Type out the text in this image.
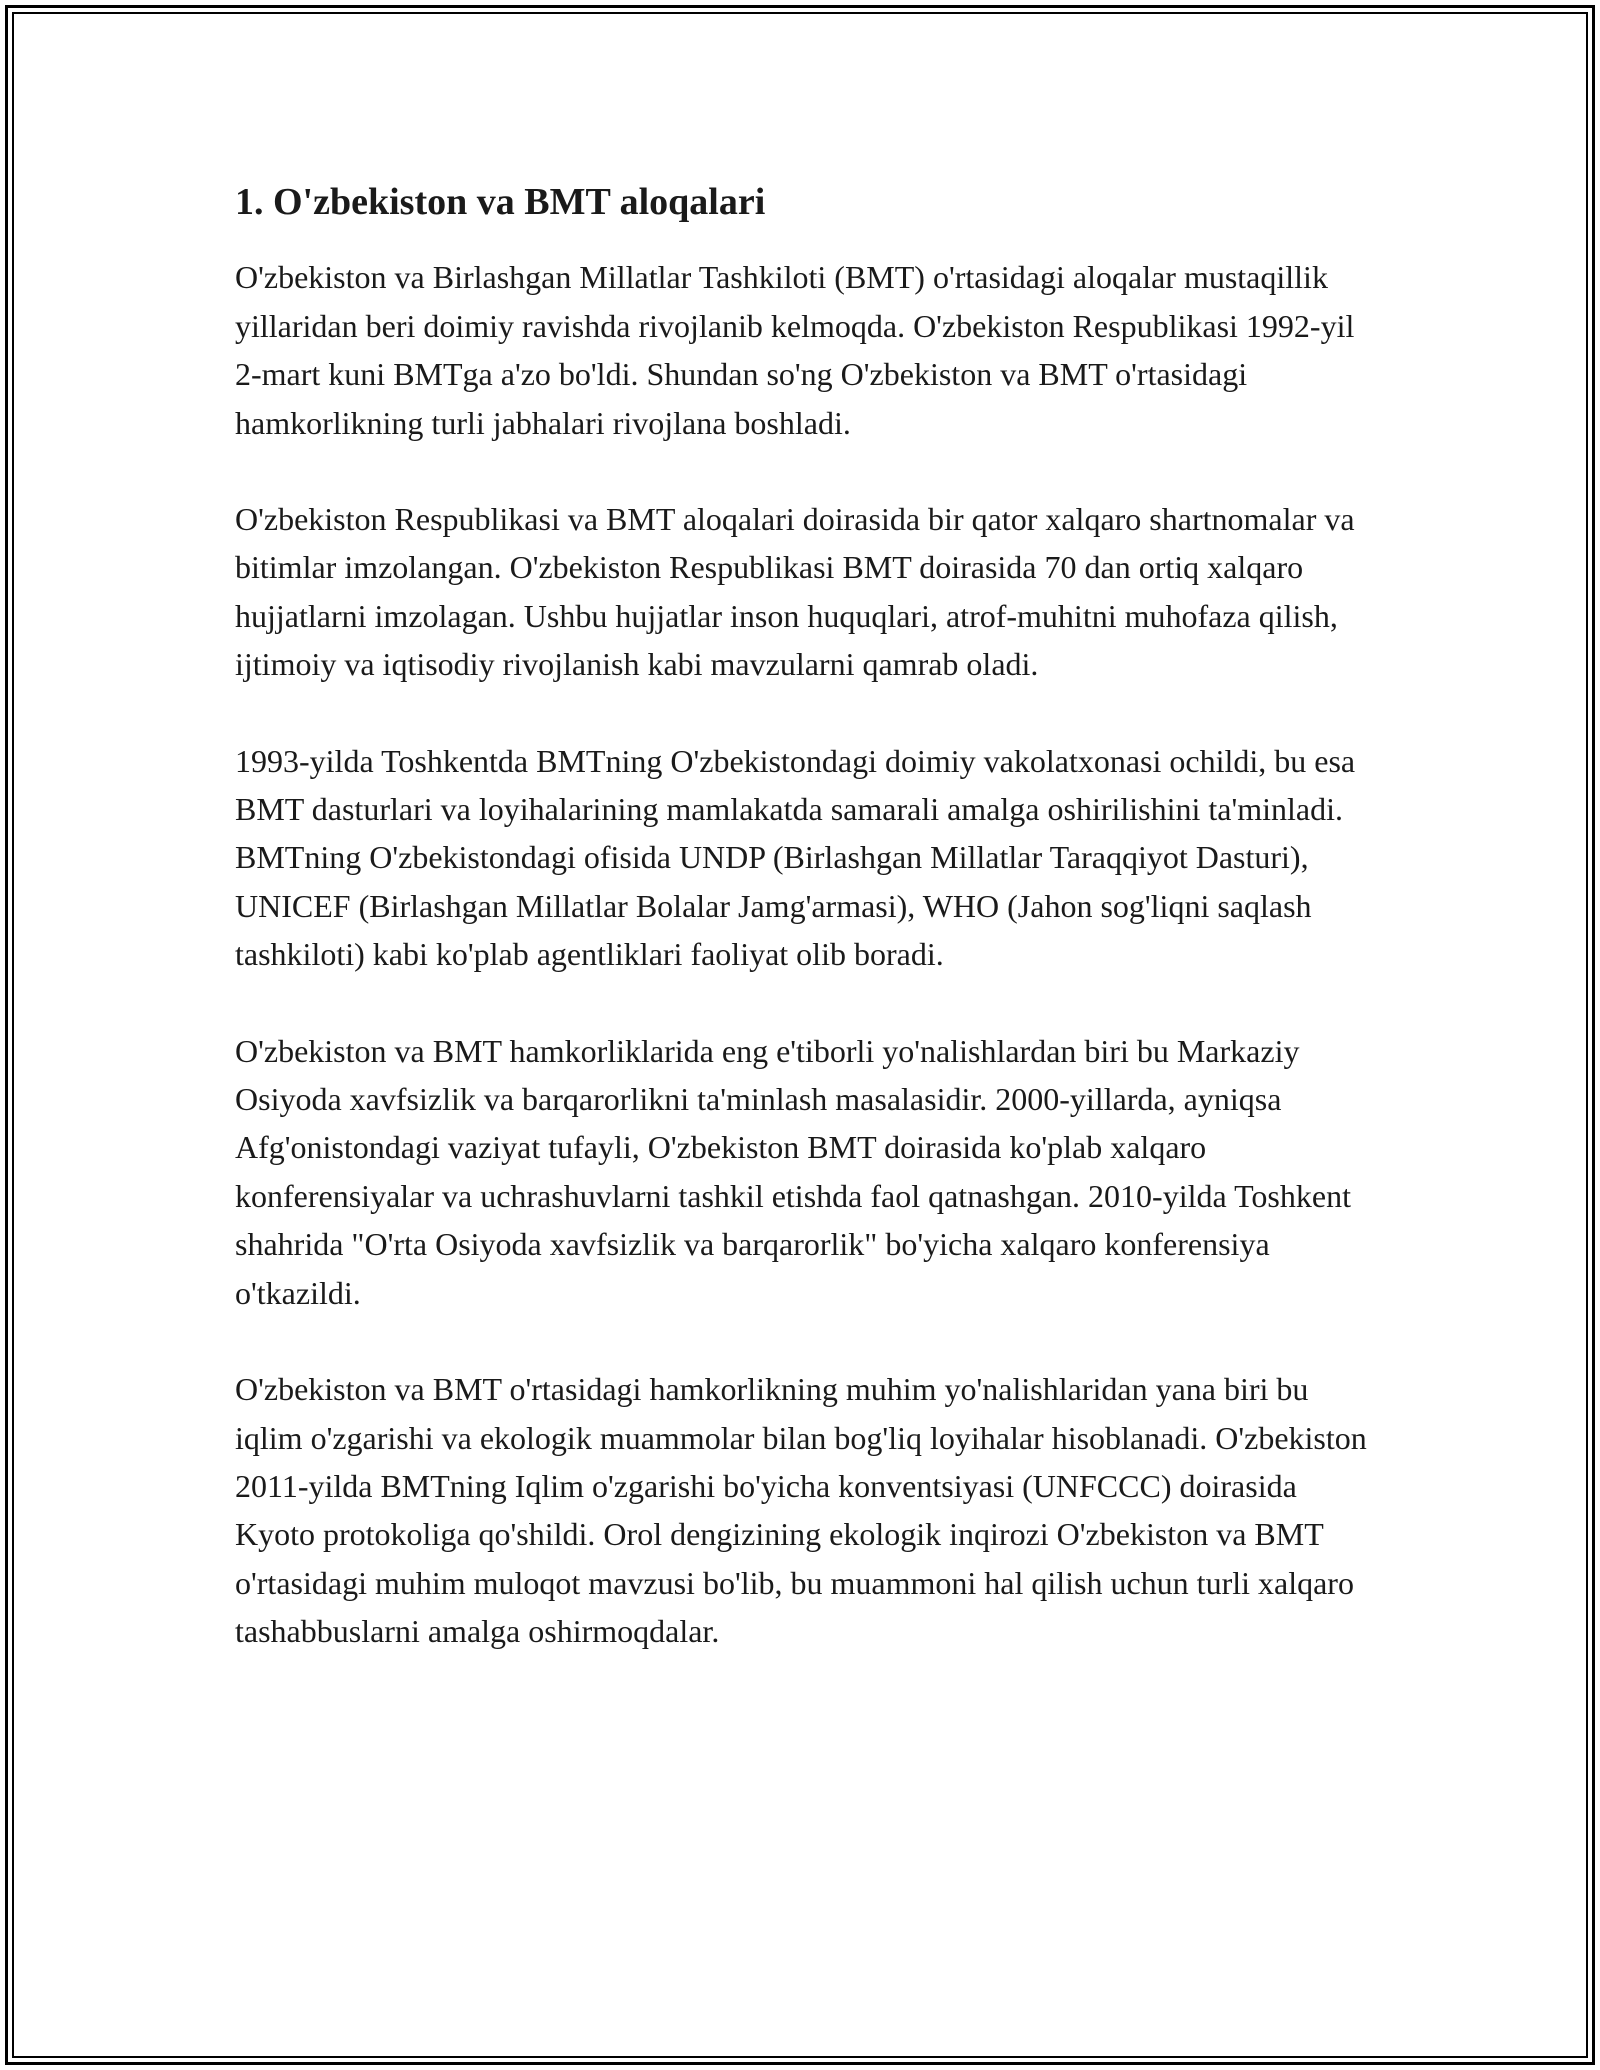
1. O'zbekiston va BMT aloqalari

O'zbekiston va Birlashgan Millatlar Tashkiloti (BMT) o'rtasidagi aloqalar mustaqillik yillaridan beri doimiy ravishda rivojlanib kelmoqda. O'zbekiston Respublikasi 1992-yil 2-mart kuni BMTga a'zo bo'ldi. Shundan so'ng O'zbekiston va BMT o'rtasidagi hamkorlikning turli jabhalari rivojlana boshladi.

O'zbekiston Respublikasi va BMT aloqalari doirasida bir qator xalqaro shartnomalar va bitimlar imzolangan. O'zbekiston Respublikasi BMT doirasida 70 dan ortiq xalqaro hujjatlarni imzolagan. Ushbu hujjatlar inson huquqlari, atrof-muhitni muhofaza qilish, ijtimoiy va iqtisodiy rivojlanish kabi mavzularni qamrab oladi.

1993-yilda Toshkentda BMTning O'zbekistondagi doimiy vakolatxonasi ochildi, bu esa BMT dasturlari va loyihalarining mamlakatda samarali amalga oshirilishini ta'minladi. BMTning O'zbekistondagi ofisida UNDP (Birlashgan Millatlar Taraqqiyot Dasturi), UNICEF (Birlashgan Millatlar Bolalar Jamg'armasi), WHO (Jahon sog'liqni saqlash tashkiloti) kabi ko'plab agentliklari faoliyat olib boradi.

O'zbekiston va BMT hamkorliklarida eng e'tiborli yo'nalishlardan biri bu Markaziy Osiyoda xavfsizlik va barqarorlikni ta'minlash masalasidir. 2000-yillarda, ayniqsa Afg'onistondagi vaziyat tufayli, O'zbekiston BMT doirasida ko'plab xalqaro konferensiyalar va uchrashuvlarni tashkil etishda faol qatnashgan. 2010-yilda Toshkent shahrida "O'rta Osiyoda xavfsizlik va barqarorlik" bo'yicha xalqaro konferensiya o'tkazildi.

O'zbekiston va BMT o'rtasidagi hamkorlikning muhim yo'nalishlaridan yana biri bu iqlim o'zgarishi va ekologik muammolar bilan bog'liq loyihalar hisoblanadi. O'zbekiston 2011-yilda BMTning Iqlim o'zgarishi bo'yicha konventsiyasi (UNFCCC) doirasida Kyoto protokoliga qo'shildi. Orol dengizining ekologik inqirozi O'zbekiston va BMT o'rtasidagi muhim muloqot mavzusi bo'lib, bu muammoni hal qilish uchun turli xalqaro tashabbuslarni amalga oshirmoqdalar.
